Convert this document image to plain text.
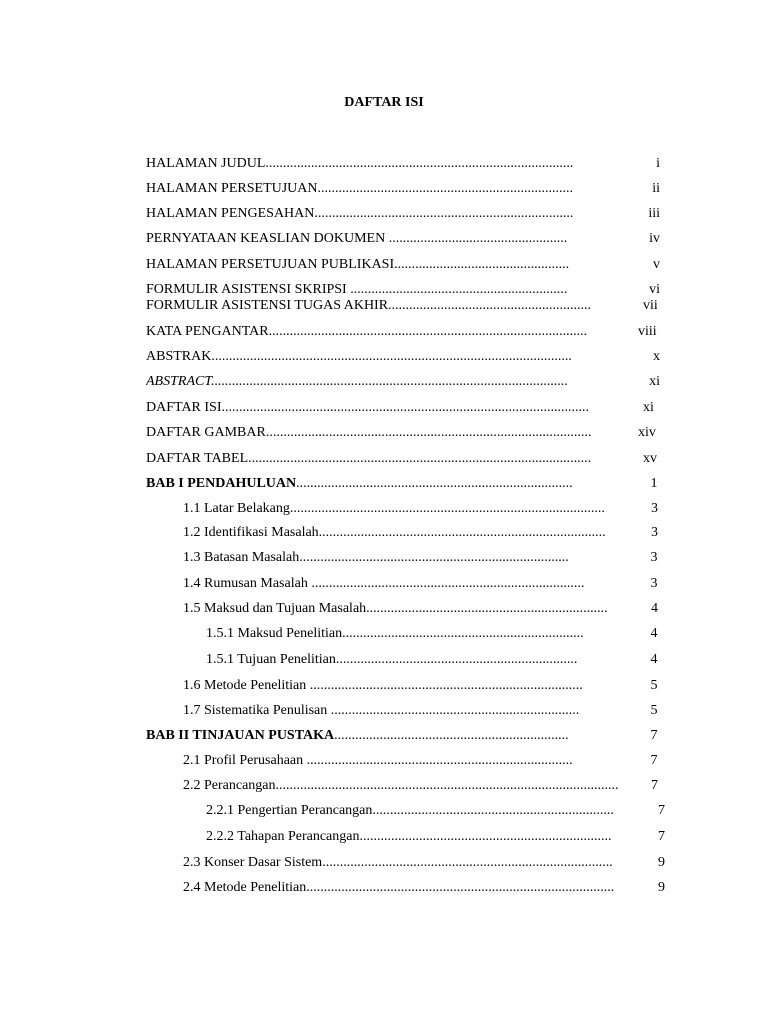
DAFTAR ISI
HALAMAN JUDUL........................................................................................	i
HALAMAN PERSETUJUAN.........................................................................	ii
HALAMAN PENGESAHAN..........................................................................	iii
PERNYATAAN KEASLIAN DOKUMEN ...................................................	iv
HALAMAN PERSETUJUAN PUBLIKASI..................................................	v
FORMULIR ASISTENSI SKRIPSI ..............................................................	vi
FORMULIR ASISTENSI TUGAS AKHIR..........................................................	vii
KATA PENGANTAR...........................................................................................	viii
ABSTRAK.......................................................................................................	x
ABSTRACT......................................................................................................	xi
DAFTAR ISI.........................................................................................................	xi
DAFTAR GAMBAR.............................................................................................	xiv
DAFTAR TABEL..................................................................................................	xv
BAB I PENDAHULUAN...............................................................................	1
1.1 Latar Belakang..........................................................................................	3
1.2 Identifikasi Masalah..................................................................................	3
1.3 Batasan Masalah.............................................................................	3
1.4 Rumusan Masalah ..............................................................................	3
1.5 Maksud dan Tujuan Masalah.....................................................................	4
1.5.1 Maksud Penelitian.....................................................................	4
1.5.1 Tujuan Penelitian.....................................................................	4
1.6 Metode Penelitian ..............................................................................	5
1.7 Sistematika Penulisan .......................................................................	5
BAB II TINJAUAN PUSTAKA...................................................................	7
2.1 Profil Perusahaan ............................................................................	7
2.2 Perancangan..................................................................................................	7
2.2.1 Pengertian Perancangan.....................................................................	7
2.2.2 Tahapan Perancangan........................................................................	7
2.3 Konser Dasar Sistem...................................................................................	9
2.4 Metode Penelitian........................................................................................	9
